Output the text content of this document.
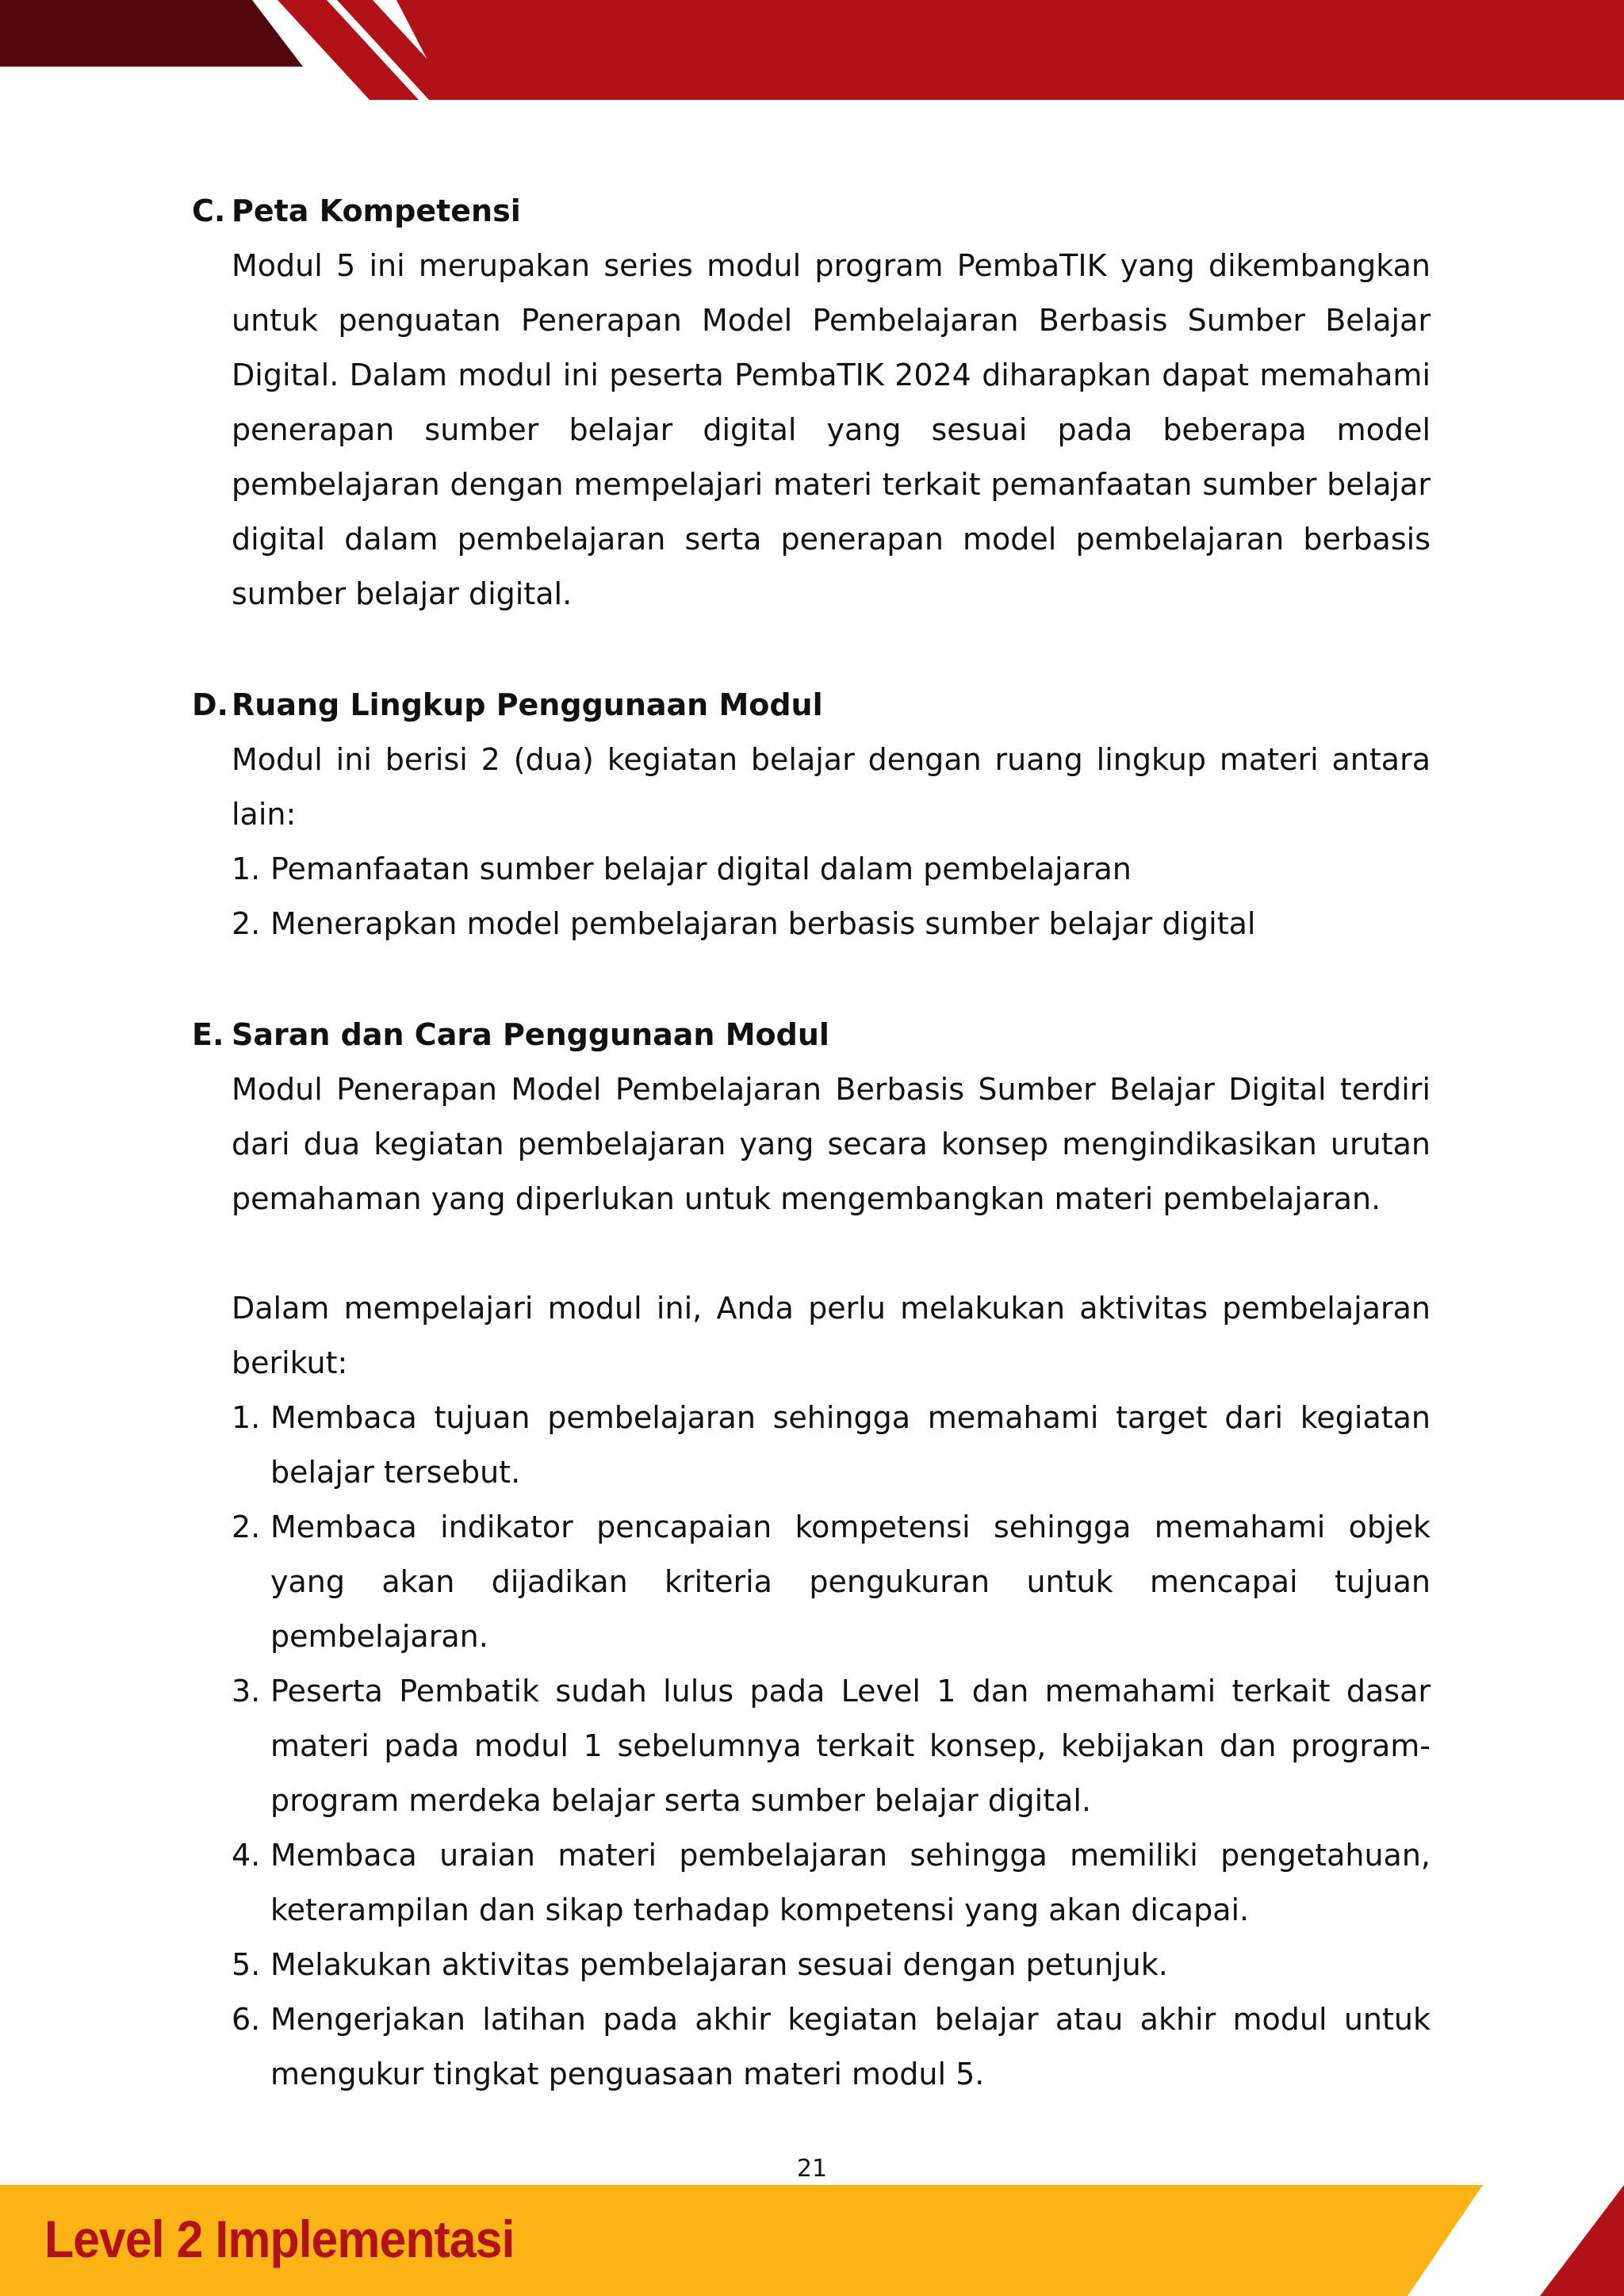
C. Peta Kompetensi

Modul 5 ini merupakan series modul program PembaTIK yang dikembangkan untuk penguatan Penerapan Model Pembelajaran Berbasis Sumber Belajar Digital. Dalam modul ini peserta PembaTIK 2024 diharapkan dapat memahami penerapan sumber belajar digital yang sesuai pada beberapa model pembelajaran dengan mempelajari materi terkait pemanfaatan sumber belajar digital dalam pembelajaran serta penerapan model pembelajaran berbasis sumber belajar digital.

D. Ruang Lingkup Penggunaan Modul

Modul ini berisi 2 (dua) kegiatan belajar dengan ruang lingkup materi antara lain:

1. Pemanfaatan sumber belajar digital dalam pembelajaran
2. Menerapkan model pembelajaran berbasis sumber belajar digital
E. Saran dan Cara Penggunaan Modul

Modul Penerapan Model Pembelajaran Berbasis Sumber Belajar Digital terdiri dari dua kegiatan pembelajaran yang secara konsep mengindikasikan urutan pemahaman yang diperlukan untuk mengembangkan materi pembelajaran.

Dalam mempelajari modul ini, Anda perlu melakukan aktivitas pembelajaran berikut:

1. Membaca tujuan pembelajaran sehingga memahami target dari kegiatan belajar tersebut.
2. Membaca indikator pencapaian kompetensi sehingga memahami objek yang akan dijadikan kriteria pengukuran untuk mencapai tujuan pembelajaran.
3. Peserta Pembatik sudah lulus pada Level 1 dan memahami terkait dasar materi pada modul 1 sebelumnya terkait konsep, kebijakan dan program-program merdeka belajar serta sumber belajar digital.
4. Membaca uraian materi pembelajaran sehingga memiliki pengetahuan, keterampilan dan sikap terhadap kompetensi yang akan dicapai.
5. Melakukan aktivitas pembelajaran sesuai dengan petunjuk.
6. Mengerjakan latihan pada akhir kegiatan belajar atau akhir modul untuk mengukur tingkat penguasaan materi modul 5.
21
Level 2 Implementasi
